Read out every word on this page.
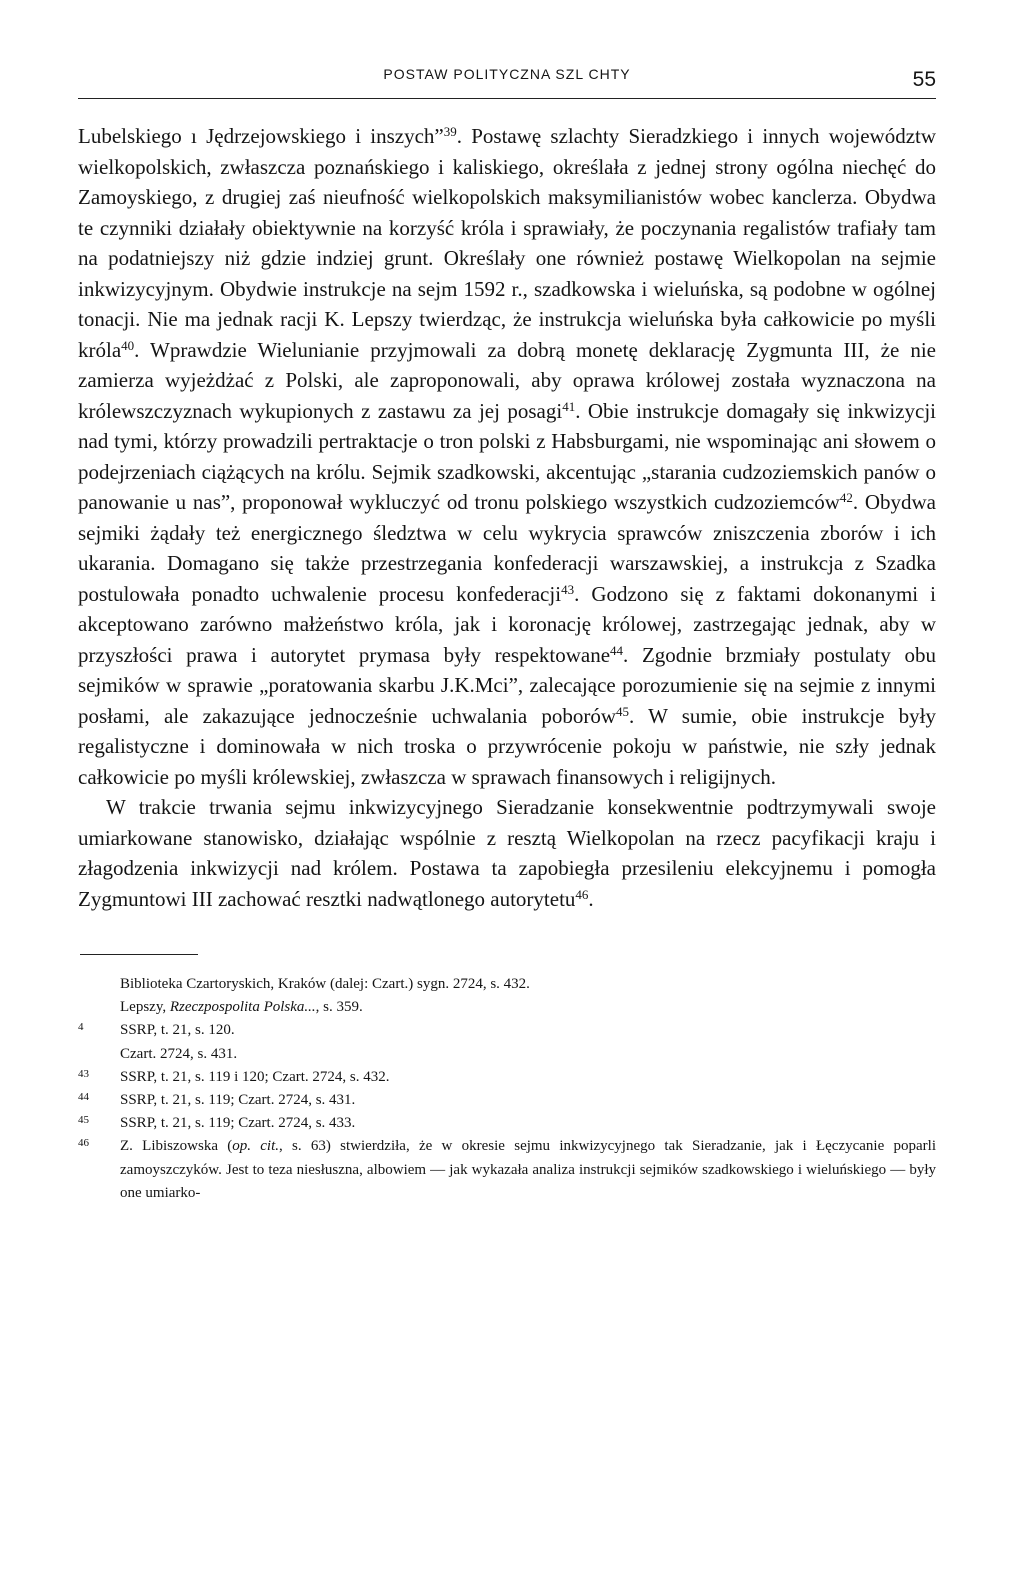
POSTAW POLITYCZNA SZL CHTY	55

Lubelskiego ı Jędrzejowskiego i inszych”$^{39}$. Postawę szlachty Sieradzkiego i innych województw wielkopolskich, zwłaszcza poznańskiego i kaliskiego, określała z jednej strony ogólna niechęć do Zamoyskiego, z drugiej zaś nieufność wielkopolskich maksymilianistów wobec kanclerza. Obydwa te czynniki działały obiektywnie na korzyść króla i sprawiały, że poczynania regalistów trafiały tam na podatniejszy niż gdzie indziej grunt. Określały one również postawę Wielkopolan na sejmie inkwizycyjnym. Obydwie instrukcje na sejm 1592 r., szadkowska i wieluńska, są podobne w ogólnej tonacji. Nie ma jednak racji K. Lepszy twierdząc, że instrukcja wieluńska była całkowicie po myśli króla$^{40}$. Wprawdzie Wielunianie przyjmowali za dobrą monetę deklarację Zygmunta III, że nie zamierza wyjeżdżać z Polski, ale zaproponowali, aby oprawa królowej została wyznaczona na królewszczyznach wykupionych z zastawu za jej posagi$^{41}$. Obie instrukcje domagały się inkwizycji nad tymi, którzy prowadzili pertraktacje o tron polski z Habsburgami, nie wspominając ani słowem o podejrzeniach ciążących na królu. Sejmik szadkowski, akcentując „starania cudzoziemskich panów o panowanie u nas”, proponował wykluczyć od tronu polskiego wszystkich cudzoziemców$^{42}$. Obydwa sejmiki żądały też energicznego śledztwa w celu wykrycia sprawców zniszczenia zborów i ich ukarania. Domagano się także przestrzegania konfederacji warszawskiej, a instrukcja z Szadka postulowała ponadto uchwalenie procesu konfederacji$^{43}$. Godzono się z faktami dokonanymi i akceptowano zarówno małżeństwo króla, jak i koronację królowej, zastrzegając jednak, aby w przyszłości prawa i autorytet prymasa były respektowane$^{44}$. Zgodnie brzmiały postulaty obu sejmików w sprawie „poratowania skarbu J.K.Mci”, zalecające porozumienie się na sejmie z innymi posłami, ale zakazujące jednocześnie uchwalania poborów$^{45}$. W sumie, obie instrukcje były regalistyczne i dominowała w nich troska o przywrócenie pokoju w państwie, nie szły jednak całkowicie po myśli królewskiej, zwłaszcza w sprawach finansowych i religijnych.

W trakcie trwania sejmu inkwizycyjnego Sieradzanie konsekwentnie podtrzymywali swoje umiarkowane stanowisko, działając wspólnie z resztą Wielkopolan na rzecz pacyfikacji kraju i złagodzenia inkwizycji nad królem. Postawa ta zapobiegła przesileniu elekcyjnemu i pomogła Zygmuntowi III zachować resztki nadwątlonego autorytetu$^{46}$.

Biblioteka Czartoryskich, Kraków (dalej: Czart.) sygn. 2724, s. 432.

Lepszy, Rzeczpospolita Polska..., s. 359.

4 SSRP, t. 21, s. 120.

Czart. 2724, s. 431.

43 SSRP, t. 21, s. 119 i 120; Czart. 2724, s. 432.

44 SSRP, t. 21, s. 119; Czart. 2724, s. 431.

45 SSRP, t. 21, s. 119; Czart. 2724, s. 433.

46 Z. Libiszowska (op. cit., s. 63) stwierdziła, że w okresie sejmu inkwizycyjnego tak Sieradzanie, jak i Łęczycanie poparli zamoyszczyków. Jest to teza niesłuszna, albowiem — jak wykazała analiza instrukcji sejmików szadkowskiego i wieluńskiego — były one umiarko-
